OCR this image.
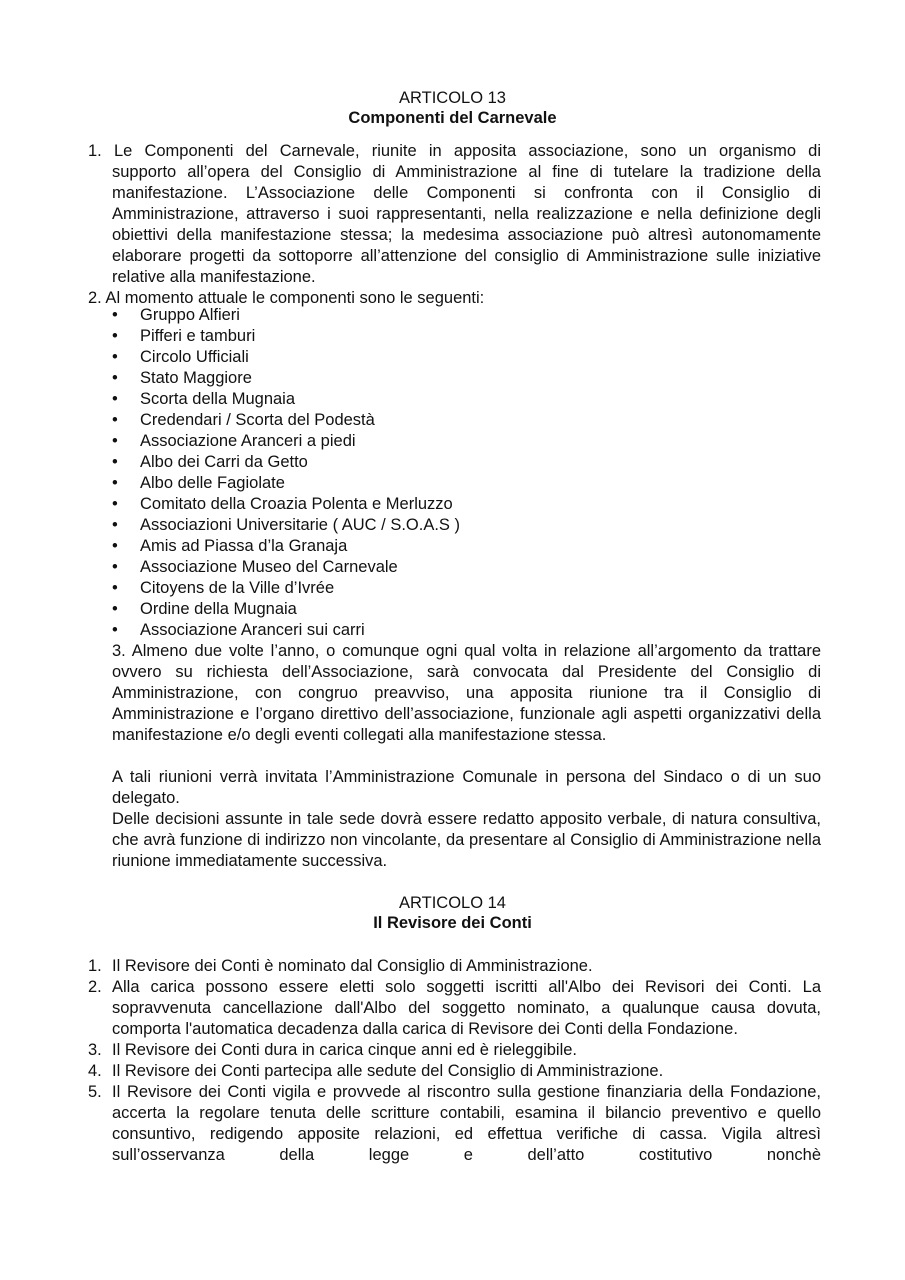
ARTICOLO 13
Componenti del Carnevale
1. Le Componenti del Carnevale, riunite in apposita associazione, sono un organismo di
supporto all’opera del Consiglio di Amministrazione al fine di tutelare la tradizione della manifestazione. L’Associazione delle Componenti si confronta con il Consiglio di Amministrazione, attraverso i suoi rappresentanti, nella realizzazione e nella definizione degli obiettivi della manifestazione stessa; la medesima associazione può altresì autonomamente elaborare progetti da sottoporre all’attenzione del consiglio di Amministrazione sulle iniziative relative alla manifestazione.
2. Al momento attuale le componenti sono le seguenti:
• Gruppo Alfieri
• Pifferi e tamburi
• Circolo Ufficiali
• Stato Maggiore
• Scorta della Mugnaia
• Credendari / Scorta del Podestà
• Associazione Aranceri a piedi
• Albo dei Carri da Getto
• Albo delle Fagiolate
• Comitato della Croazia Polenta e Merluzzo
• Associazioni Universitarie ( AUC / S.O.A.S )
• Amis ad Piassa d’la Granaja
• Associazione Museo del Carnevale
• Citoyens de la Ville d’Ivrée
• Ordine della Mugnaia
• Associazione Aranceri sui carri
3. Almeno due volte l’anno, o comunque ogni qual volta in relazione all’argomento da trattare ovvero su richiesta dell’Associazione, sarà convocata dal Presidente del Consiglio di Amministrazione, con congruo preavviso, una apposita riunione tra il Consiglio di Amministrazione e l’organo direttivo dell’associazione, funzionale agli aspetti organizzativi della manifestazione e/o degli eventi collegati alla manifestazione stessa.
A tali riunioni verrà invitata l’Amministrazione Comunale in persona del Sindaco o di un suo delegato.
Delle decisioni assunte in tale sede dovrà essere redatto apposito verbale, di natura consultiva, che avrà funzione di indirizzo non vincolante, da presentare al Consiglio di Amministrazione nella riunione immediatamente successiva.
ARTICOLO 14
Il Revisore dei Conti
1. Il Revisore dei Conti è nominato dal Consiglio di Amministrazione.
2. Alla carica possono essere eletti solo soggetti iscritti all'Albo dei Revisori dei Conti. La sopravvenuta cancellazione dall'Albo del soggetto nominato, a qualunque causa dovuta, comporta l'automatica decadenza dalla carica di Revisore dei Conti della Fondazione.
3. Il Revisore dei Conti dura in carica cinque anni ed è rieleggibile.
4. Il Revisore dei Conti partecipa alle sedute del Consiglio di Amministrazione.
5. Il Revisore dei Conti vigila e provvede al riscontro sulla gestione finanziaria della Fondazione, accerta la regolare tenuta delle scritture contabili, esamina il bilancio preventivo e quello consuntivo, redigendo apposite relazioni, ed effettua verifiche di cassa. Vigila altresì sull’osservanza della legge e dell’atto costitutivo nonchè
